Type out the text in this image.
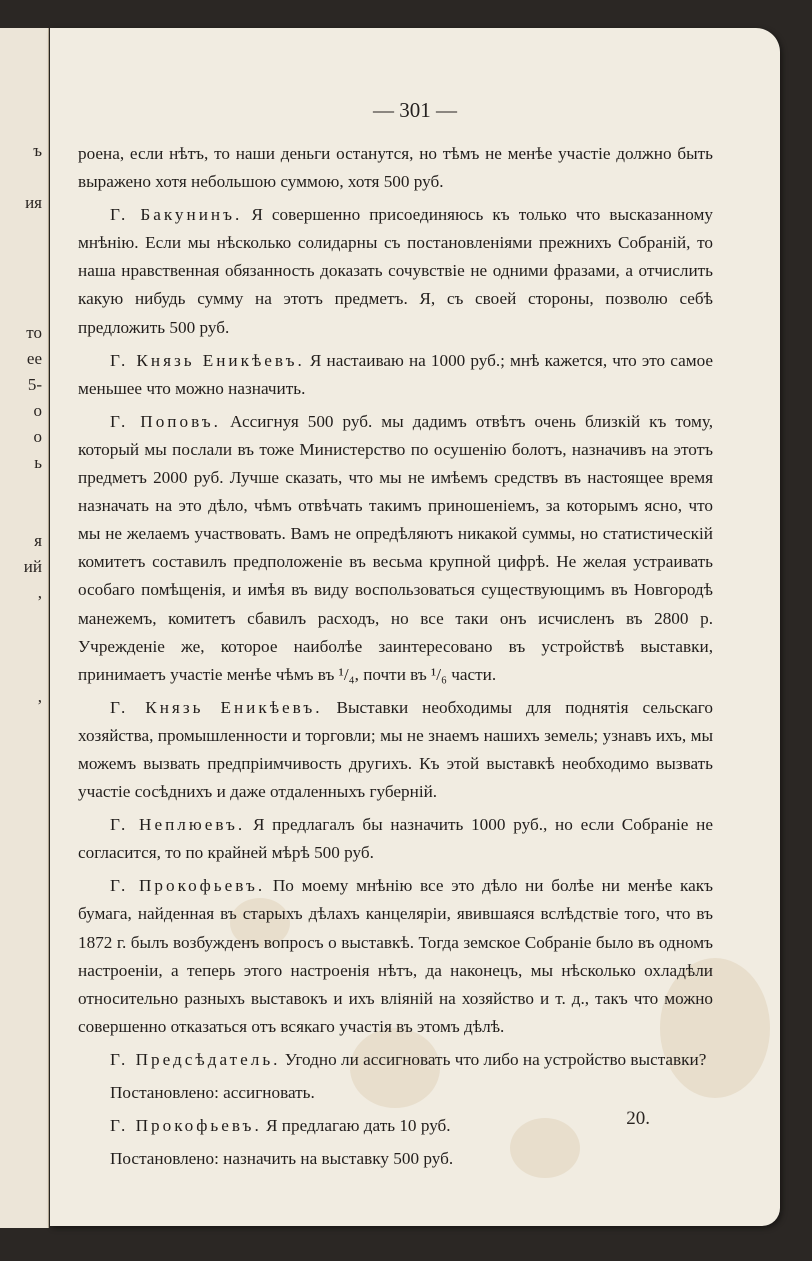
ъ
ия
то
ее
5-
о
о
ь
я
ий
,
,
— 301 —

роена, если нѣтъ, то наши деньги останутся, но тѣмъ не менѣе участіе должно быть выражено хотя небольшою суммою, хотя 500 руб.

Г. Бакунинъ. Я совершенно присоединяюсь къ только что высказанному мнѣнію. Если мы нѣсколько солидарны съ постановленіями прежнихъ Собраній, то наша нравственная обязанность доказать сочувствіе не одними фразами, а отчислить какую нибудь сумму на этотъ предметъ. Я, съ своей стороны, позволю себѣ предложить 500 руб.

Г. Князь Еникѣевъ. Я настаиваю на 1000 руб.; мнѣ кажется, что это самое меньшее что можно назначить.

Г. Поповъ. Ассигнуя 500 руб. мы дадимъ отвѣтъ очень близкій къ тому, который мы послали въ тоже Министерство по осушенію болотъ, назначивъ на этотъ предметъ 2000 руб. Лучше сказать, что мы не имѣемъ средствъ въ настоящее время назначать на это дѣло, чѣмъ отвѣчать такимъ приношеніемъ, за которымъ ясно, что мы не желаемъ участвовать. Вамъ не опредѣляютъ никакой суммы, но статистическій комитетъ составилъ предположеніе въ весьма крупной цифрѣ. Не желая устраивать особаго помѣщенія, и имѣя въ виду воспользоваться существующимъ въ Новгородѣ манежемъ, комитетъ сбавилъ расходъ, но все таки онъ исчисленъ въ 2800 р. Учрежденіе же, которое наиболѣе заинтересовано въ устройствѣ выставки, принимаетъ участіе менѣе чѣмъ въ ¹/₄, почти въ ¹/₆ части.

Г. Князь Еникѣевъ. Выставки необходимы для поднятія сельскаго хозяйства, промышленности и торговли; мы не знаемъ нашихъ земель; узнавъ ихъ, мы можемъ вызвать предпріимчивость другихъ. Къ этой выставкѣ необходимо вызвать участіе сосѣднихъ и даже отдаленныхъ губерній.

Г. Неплюевъ. Я предлагалъ бы назначить 1000 руб., но если Собраніе не согласится, то по крайней мѣрѣ 500 руб.

Г. Прокофьевъ. По моему мнѣнію все это дѣло ни болѣе ни менѣе какъ бумага, найденная въ старыхъ дѣлахъ канцеляріи, явившаяся вслѣдствіе того, что въ 1872 г. былъ возбужденъ вопросъ о выставкѣ. Тогда земское Собраніе было въ одномъ настроеніи, а теперь этого настроенія нѣтъ, да наконецъ, мы нѣсколько охладѣли относительно разныхъ выставокъ и ихъ вліяній на хозяйство и т. д., такъ что можно совершенно отказаться отъ всякаго участія въ этомъ дѣлѣ.

Г. Предсѣдатель. Угодно ли ассигновать что либо на устройство выставки?

Постановлено: ассигновать.

Г. Прокофьевъ. Я предлагаю дать 10 руб.

Постановлено: назначить на выставку 500 руб.

20.
